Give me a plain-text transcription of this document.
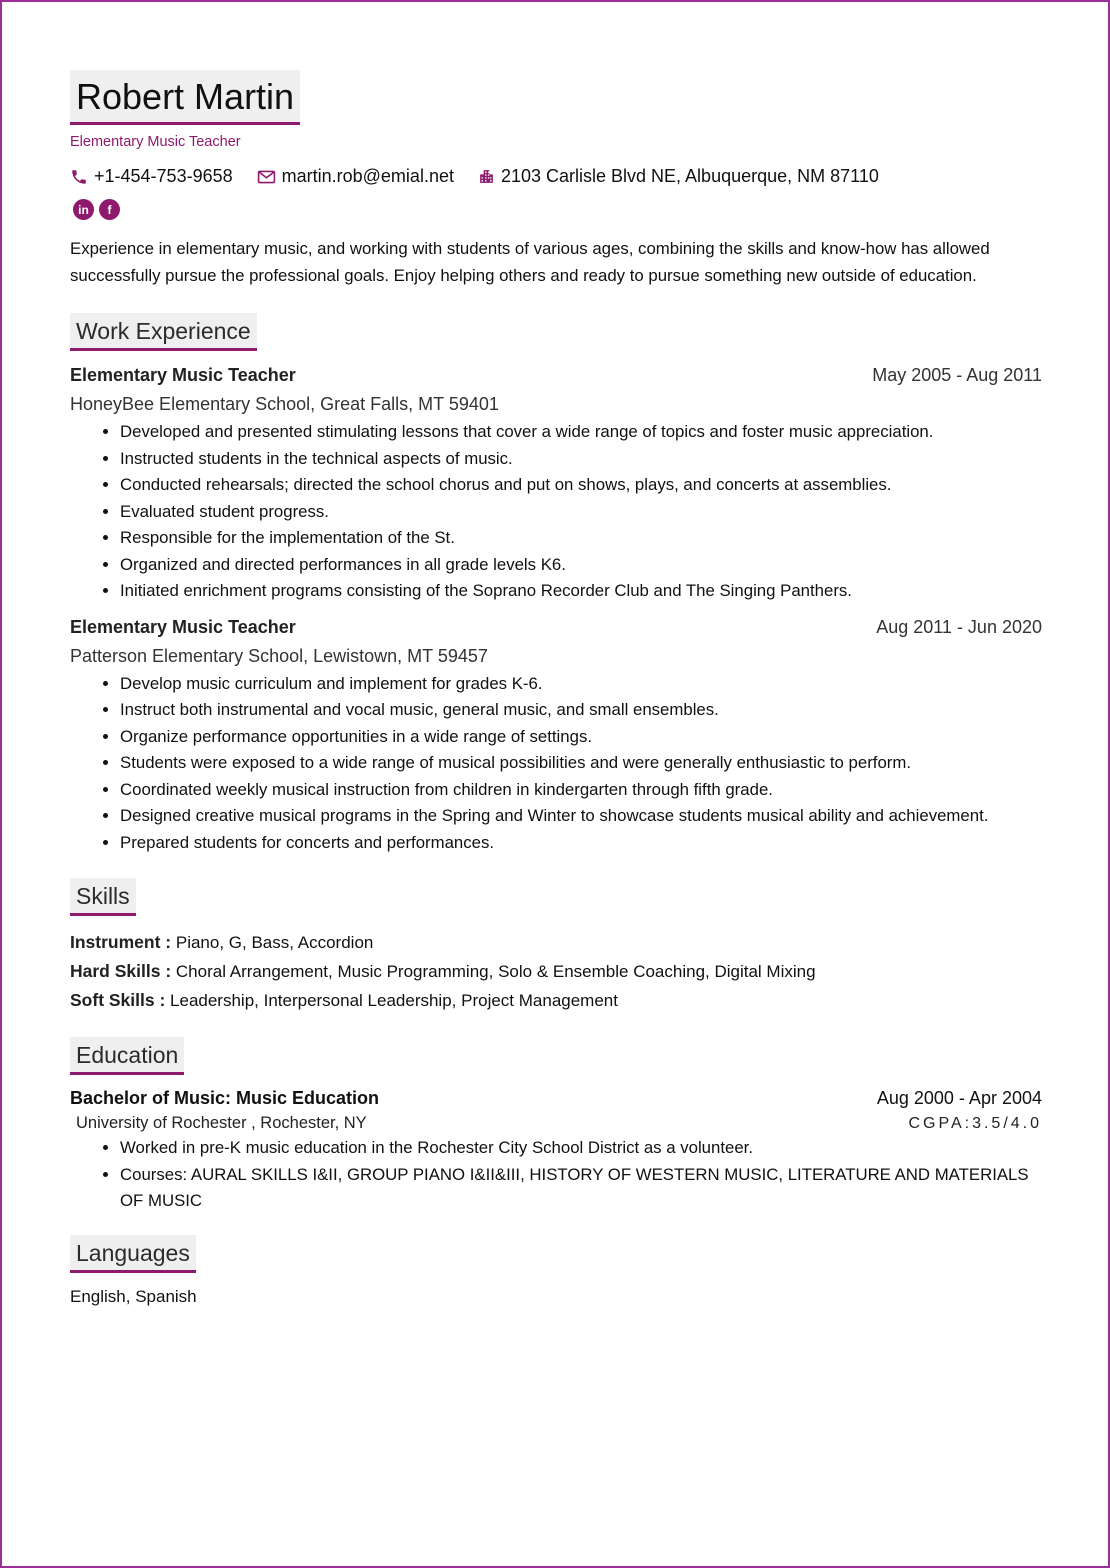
Robert Martin
Elementary Music Teacher
+1-454-753-9658	martin.rob@emial.net	2103 Carlisle Blvd NE, Albuquerque, NM 87110
in	f
Experience in elementary music, and working with students of various ages, combining the skills and know-how has allowed successfully pursue the professional goals. Enjoy helping others and ready to pursue something new outside of education.
Work Experience
Elementary Music Teacher	May 2005 - Aug 2011
HoneyBee Elementary School, Great Falls, MT 59401
• Developed and presented stimulating lessons that cover a wide range of topics and foster music appreciation.
• Instructed students in the technical aspects of music.
• Conducted rehearsals; directed the school chorus and put on shows, plays, and concerts at assemblies.
• Evaluated student progress.
• Responsible for the implementation of the St.
• Organized and directed performances in all grade levels K6.
• Initiated enrichment programs consisting of the Soprano Recorder Club and The Singing Panthers.
Elementary Music Teacher	Aug 2011 - Jun 2020
Patterson Elementary School, Lewistown, MT 59457
• Develop music curriculum and implement for grades K-6.
• Instruct both instrumental and vocal music, general music, and small ensembles.
• Organize performance opportunities in a wide range of settings.
• Students were exposed to a wide range of musical possibilities and were generally enthusiastic to perform.
• Coordinated weekly musical instruction from children in kindergarten through fifth grade.
• Designed creative musical programs in the Spring and Winter to showcase students musical ability and achievement.
• Prepared students for concerts and performances.
Skills
Instrument : Piano, G, Bass, Accordion
Hard Skills : Choral Arrangement, Music Programming, Solo & Ensemble Coaching, Digital Mixing
Soft Skills : Leadership, Interpersonal Leadership, Project Management
Education
Bachelor of Music: Music Education	Aug 2000 - Apr 2004
University of Rochester , Rochester, NY	CGPA:3.5/4.0
• Worked in pre-K music education in the Rochester City School District as a volunteer.
• Courses: AURAL SKILLS I&II, GROUP PIANO I&II&III, HISTORY OF WESTERN MUSIC, LITERATURE AND MATERIALS OF MUSIC
Languages
English, Spanish
